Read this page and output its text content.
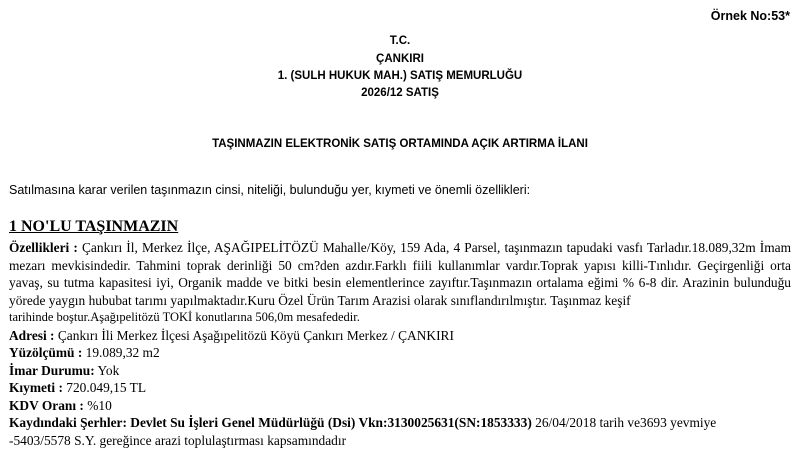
Örnek No:53*
T.C.
ÇANKIRI
1. (SULH HUKUK MAH.) SATIŞ MEMURLUĞU
2026/12 SATIŞ
TAŞINMAZIN ELEKTRONİK SATIŞ ORTAMINDA AÇIK ARTIRMA İLANI
Satılmasına karar verilen taşınmazın cinsi, niteliği, bulunduğu yer, kıymeti ve önemli özellikleri:
1 NO'LU TAŞINMAZIN
Özellikleri : Çankırı İl, Merkez İlçe, AŞAĞIPELİTÖZÜ Mahalle/Köy, 159 Ada, 4 Parsel, taşınmazın tapudaki vasfı Tarladır.18.089,32m İmam mezarı mevkisindedir. Tahmini toprak derinliği 50 cm?den azdır.Farklı fiili kullanımlar vardır.Toprak yapısı killi-Tınlıdır. Geçirgenliği orta yavaş, su tutma kapasitesi iyi, Organik madde ve bitki besin elementlerince zayıftır.Taşınmazın ortalama eğimi % 6-8 dir. Arazinin bulunduğu yörede yaygın hububat tarımı yapılmaktadır.Kuru Özel Ürün Tarım Arazisi olarak sınıflandırılmıştır. Taşınmaz keşif
tarihinde boştur.Aşağıpelitözü TOKİ konutlarına 506,0m mesafededir.
Adresi : Çankırı İli Merkez İlçesi Aşağıpelitözü Köyü Çankırı Merkez / ÇANKIRI
Yüzölçümü : 19.089,32 m2
İmar Durumu: Yok
Kıymeti : 720.049,15 TL
KDV Oranı : %10
Kaydındaki Şerhler: Devlet Su İşleri Genel Müdürlüğü (Dsi) Vkn:3130025631(SN:1853333) 26/04/2018 tarih ve3693 yevmiye
-5403/5578 S.Y. gereğince arazi toplulaştırması kapsamındadır
